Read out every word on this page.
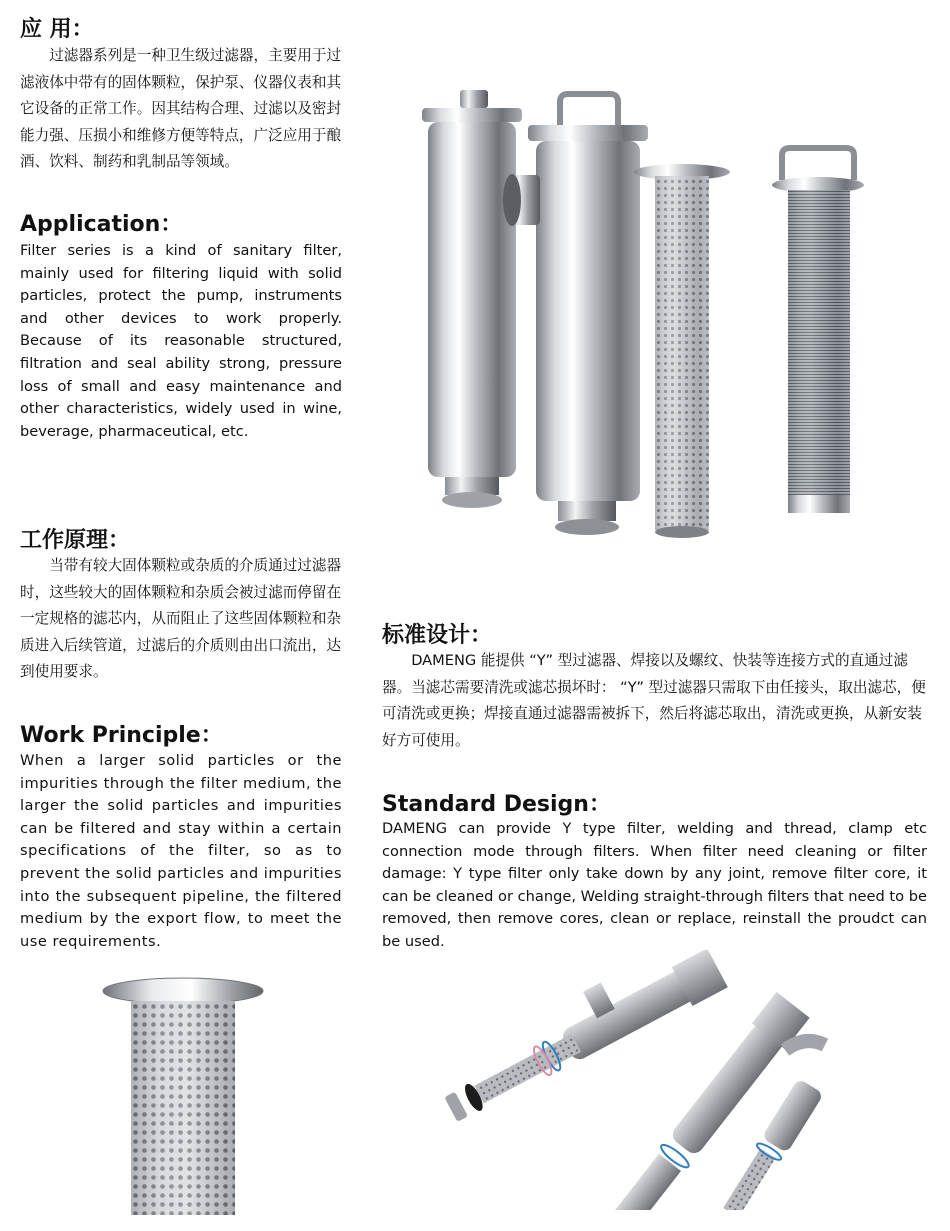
应 用：

过滤器系列是一种卫生级过滤器，主要用于过滤液体中带有的固体颗粒，保护泵、仪器仪表和其它设备的正常工作。因其结构合理、过滤以及密封能力强、压损小和维修方便等特点，广泛应用于酿酒、饮料、制药和乳制品等领域。

Application：

Filter series is a kind of sanitary filter, mainly used for filtering liquid with solid particles, protect the pump, instruments and other devices to work properly. Because of its reasonable structured, filtration and seal ability strong, pressure loss of small and easy maintenance and other characteristics, widely used in wine, beverage, pharmaceutical, etc.

工作原理：

当带有较大固体颗粒或杂质的介质通过过滤器时，这些较大的固体颗粒和杂质会被过滤而停留在一定规格的滤芯内，从而阻止了这些固体颗粒和杂质进入后续管道，过滤后的介质则由出口流出，达到使用要求。

Work Principle：

When a larger solid particles or the impurities through the filter medium, the larger the solid particles and impurities can be filtered and stay within a certain specifications of the filter, so as to prevent the solid particles and impurities into the subsequent pipeline, the filtered medium by the export flow, to meet the use requirements.

标准设计：

DAMENG 能提供 “Y” 型过滤器、焊接以及螺纹、快装等连接方式的直通过滤器。当滤芯需要清洗或滤芯损坏时： “Y” 型过滤器只需取下由任接头，取出滤芯，便可清洗或更换；焊接直通过滤器需被拆下，然后将滤芯取出，清洗或更换，从新安装好方可使用。

Standard Design：

DAMENG can provide Y type filter, welding and thread, clamp etc connection mode through filters. When filter need cleaning or filter damage: Y type filter only take down by any joint, remove filter core, it can be cleaned or change, Welding straight-through filters that need to be removed, then remove cores, clean or replace, reinstall the proudct can be used.
